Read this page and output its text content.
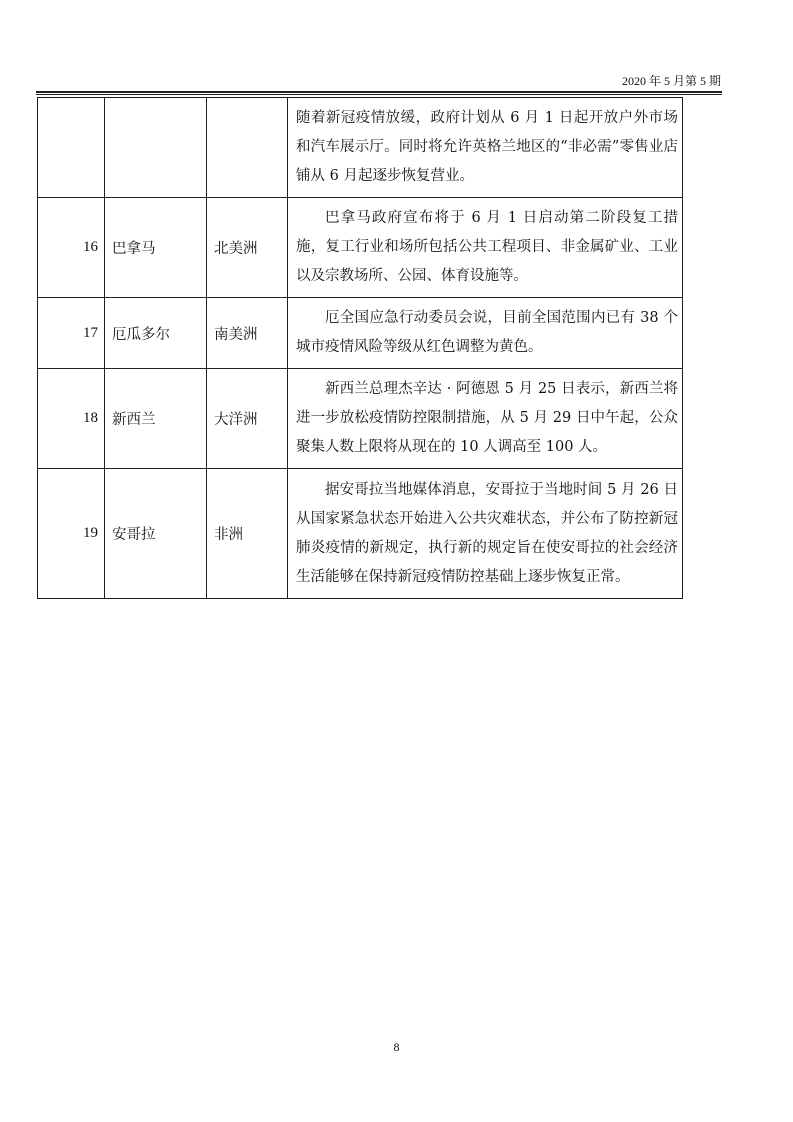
2020 年 5 月第 5 期
			随着新冠疫情放缓，政府计划从 6 月 1 日起开放户外市场和汽车展示厅。同时将允许英格兰地区的“非必需”零售业店铺从 6 月起逐步恢复营业。
16	巴拿马	北美洲	巴拿马政府宣布将于 6 月 1 日启动第二阶段复工措施，复工行业和场所包括公共工程项目、非金属矿业、工业以及宗教场所、公园、体育设施等。
17	厄瓜多尔	南美洲	厄全国应急行动委员会说，目前全国范围内已有 38 个城市疫情风险等级从红色调整为黄色。
18	新西兰	大洋洲	新西兰总理杰辛达 · 阿德恩 5 月 25 日表示，新西兰将进一步放松疫情防控限制措施，从 5 月 29 日中午起，公众聚集人数上限将从现在的 10 人调高至 100 人。
19	安哥拉	非洲	据安哥拉当地媒体消息，安哥拉于当地时间 5 月 26 日从国家紧急状态开始进入公共灾难状态，并公布了防控新冠肺炎疫情的新规定，执行新的规定旨在使安哥拉的社会经济生活能够在保持新冠疫情防控基础上逐步恢复正常。
8
